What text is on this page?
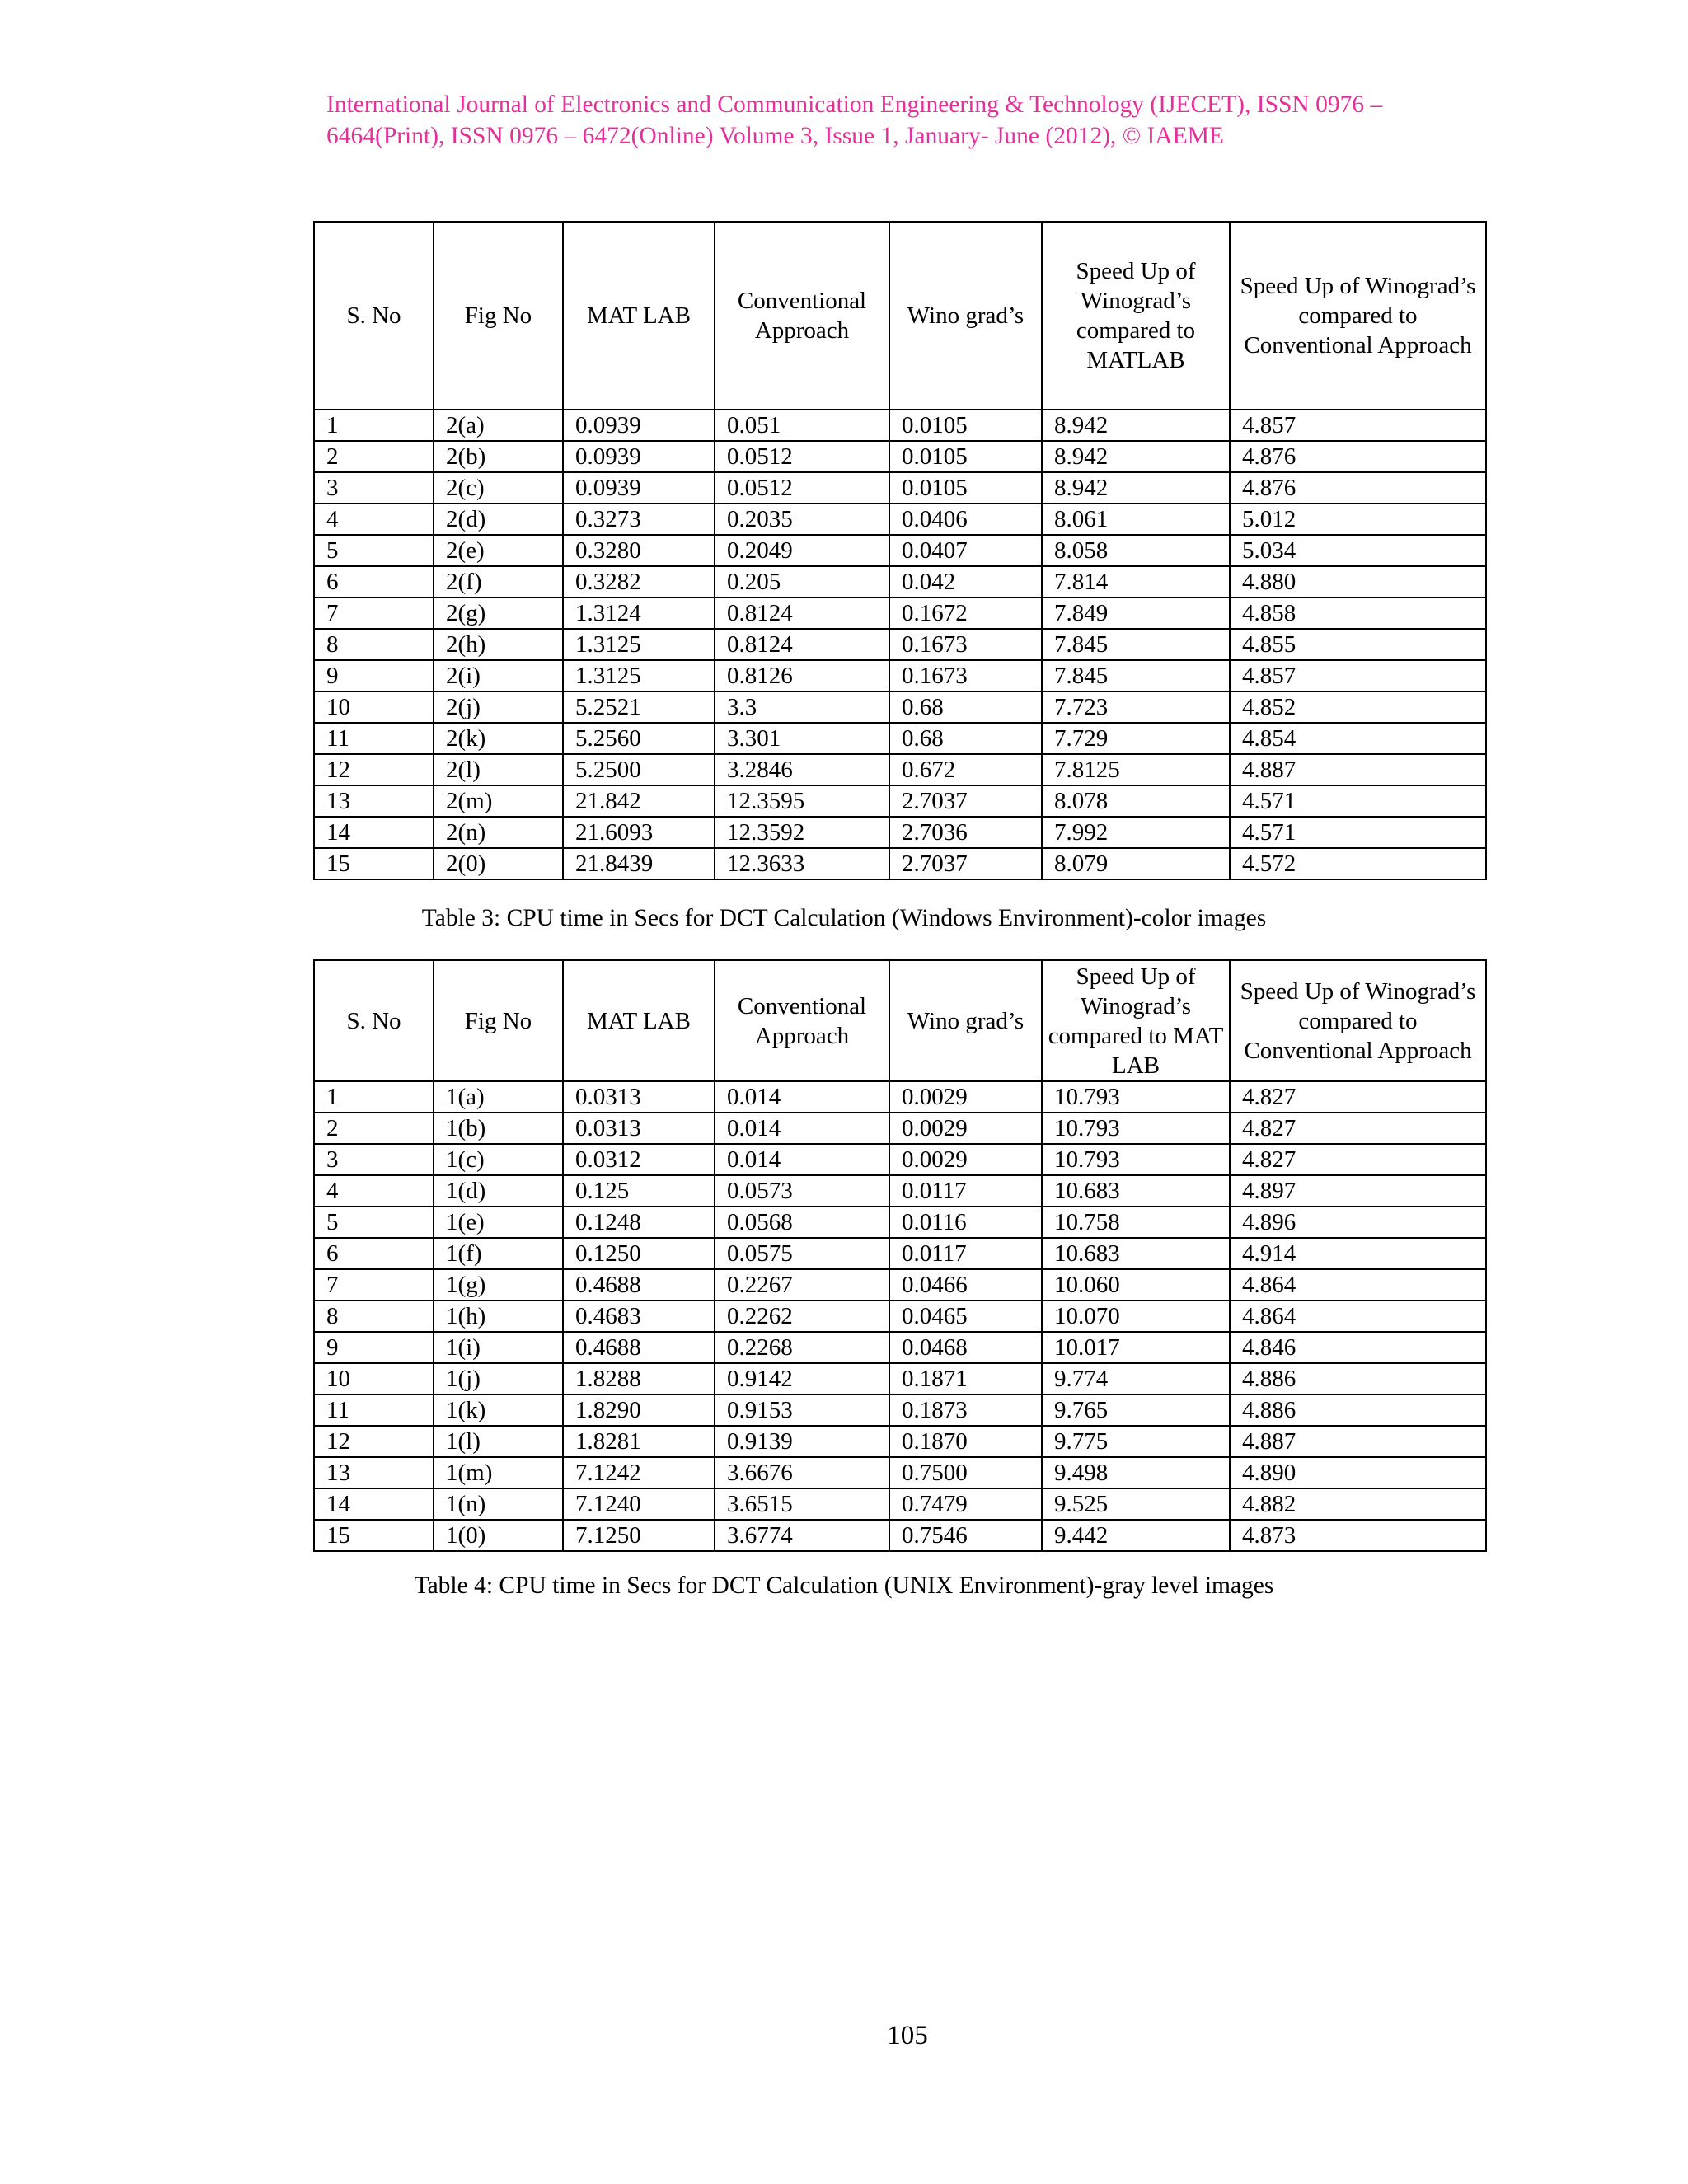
International Journal of Electronics and Communication Engineering & Technology (IJECET), ISSN 0976 –
6464(Print), ISSN 0976 – 6472(Online) Volume 3, Issue 1, January- June (2012), © IAEME
S. No	Fig No	MAT LAB	Conventional Approach	Wino grad’s	Speed Up of Winograd’s compared to MATLAB	Speed Up of Winograd’s compared to Conventional Approach
1	2(a)	0.0939	0.051	0.0105	8.942	4.857
2	2(b)	0.0939	0.0512	0.0105	8.942	4.876
3	2(c)	0.0939	0.0512	0.0105	8.942	4.876
4	2(d)	0.3273	0.2035	0.0406	8.061	5.012
5	2(e)	0.3280	0.2049	0.0407	8.058	5.034
6	2(f)	0.3282	0.205	0.042	7.814	4.880
7	2(g)	1.3124	0.8124	0.1672	7.849	4.858
8	2(h)	1.3125	0.8124	0.1673	7.845	4.855
9	2(i)	1.3125	0.8126	0.1673	7.845	4.857
10	2(j)	5.2521	3.3	0.68	7.723	4.852
11	2(k)	5.2560	3.301	0.68	7.729	4.854
12	2(l)	5.2500	3.2846	0.672	7.8125	4.887
13	2(m)	21.842	12.3595	2.7037	8.078	4.571
14	2(n)	21.6093	12.3592	2.7036	7.992	4.571
15	2(0)	21.8439	12.3633	2.7037	8.079	4.572
Table 3: CPU time in Secs for DCT Calculation (Windows Environment)-color images
S. No	Fig No	MAT LAB	Conventional Approach	Wino grad’s	Speed Up of Winograd’s compared to MAT LAB	Speed Up of Winograd’s compared to Conventional Approach
1	1(a)	0.0313	0.014	0.0029	10.793	4.827
2	1(b)	0.0313	0.014	0.0029	10.793	4.827
3	1(c)	0.0312	0.014	0.0029	10.793	4.827
4	1(d)	0.125	0.0573	0.0117	10.683	4.897
5	1(e)	0.1248	0.0568	0.0116	10.758	4.896
6	1(f)	0.1250	0.0575	0.0117	10.683	4.914
7	1(g)	0.4688	0.2267	0.0466	10.060	4.864
8	1(h)	0.4683	0.2262	0.0465	10.070	4.864
9	1(i)	0.4688	0.2268	0.0468	10.017	4.846
10	1(j)	1.8288	0.9142	0.1871	9.774	4.886
11	1(k)	1.8290	0.9153	0.1873	9.765	4.886
12	1(l)	1.8281	0.9139	0.1870	9.775	4.887
13	1(m)	7.1242	3.6676	0.7500	9.498	4.890
14	1(n)	7.1240	3.6515	0.7479	9.525	4.882
15	1(0)	7.1250	3.6774	0.7546	9.442	4.873
Table 4: CPU time in Secs for DCT Calculation (UNIX Environment)-gray level images
105
